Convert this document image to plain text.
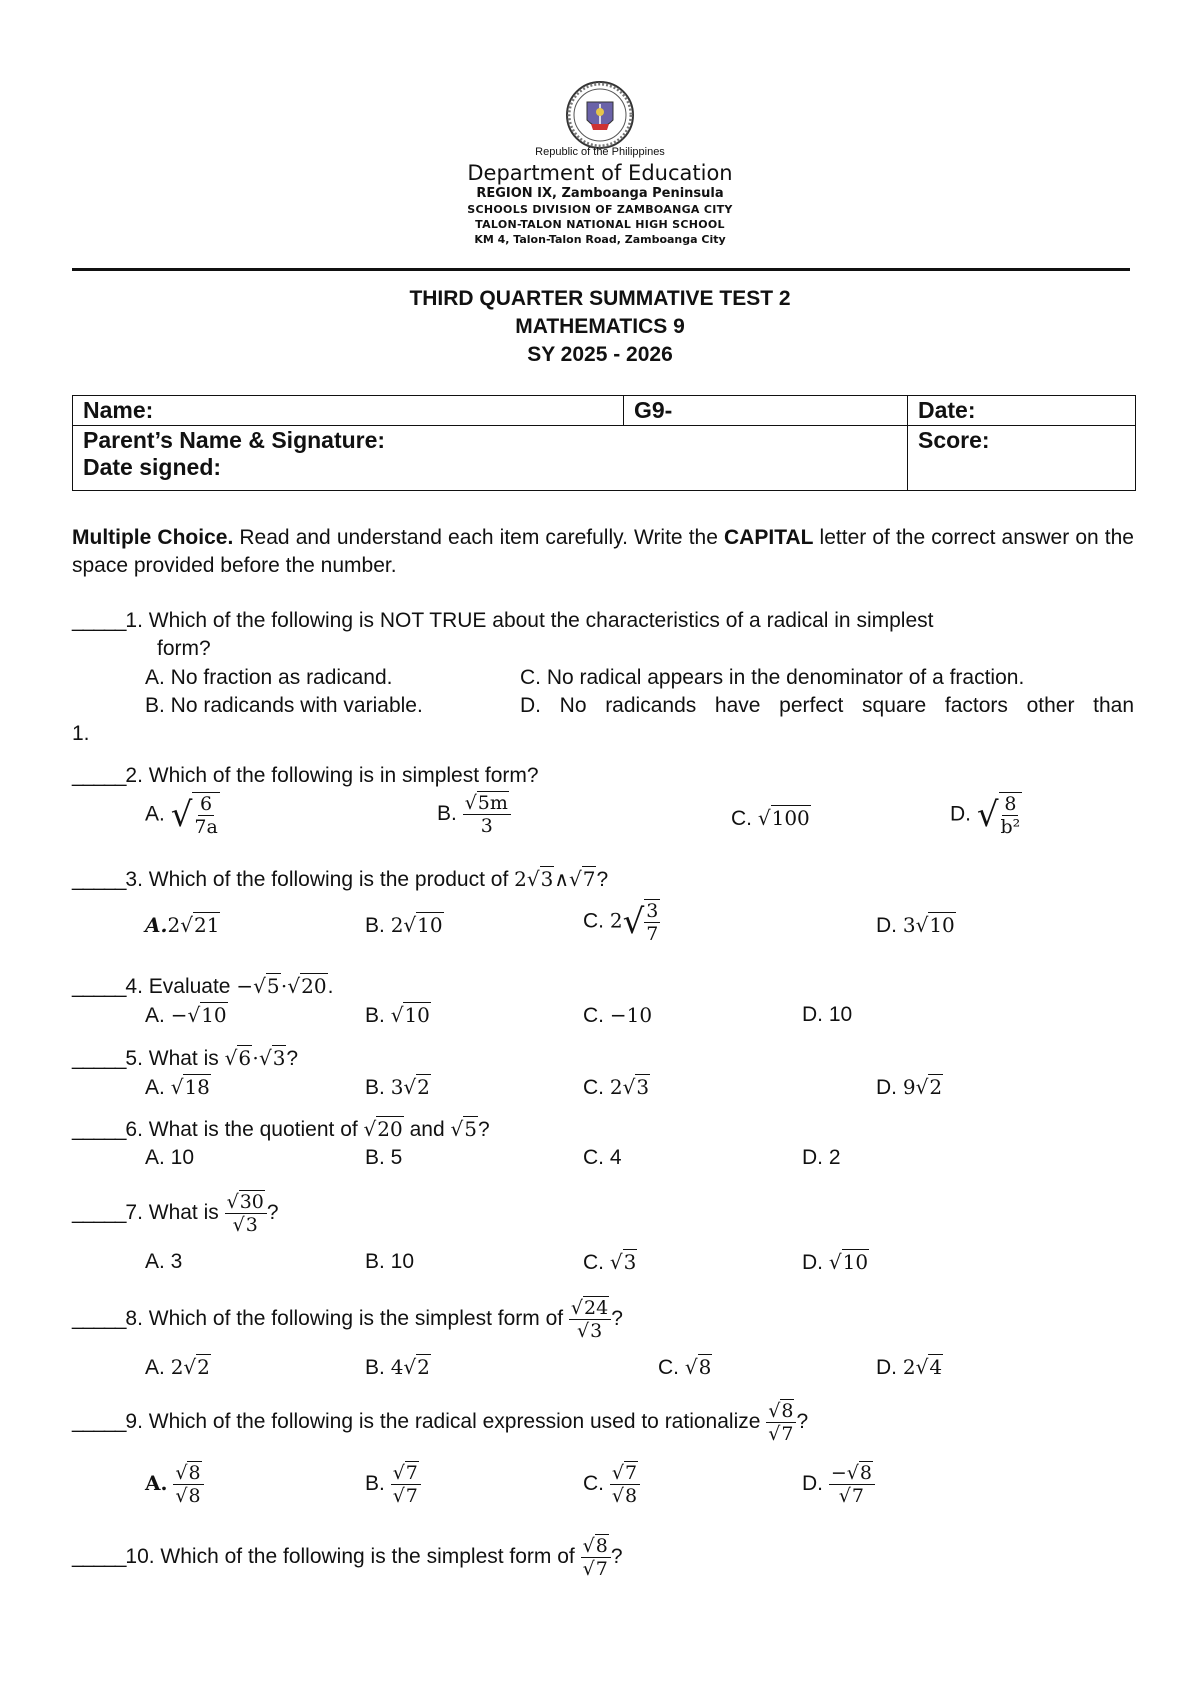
Republic of the Philippines
Department of Education
REGION IX, Zamboanga Peninsula
SCHOOLS DIVISION OF ZAMBOANGA CITY
TALON-TALON NATIONAL HIGH SCHOOL
KM 4, Talon-Talon Road, Zamboanga City
THIRD QUARTER SUMMATIVE TEST 2
MATHEMATICS 9
SY 2025 - 2026
Name:	G9-	Date:

Parent’s Name & Signature:
Date signed:		Score:
Multiple Choice. Read and understand each item carefully. Write the CAPITAL letter of the correct answer on the space provided before the number.
_____1. Which of the following is NOT TRUE about the characteristics of a radical in simplest
form?
A. No fraction as radicand.	C. No radical appears in the denominator of a fraction.
B. No radicands with variable.	D. No radicands have perfect square factors other than
1.
_____2. Which of the following is in simplest form?
A. √ $\frac{6}{7a}$	B. $\frac{√5m}{3}$	C. √100	D. √ $\frac{8}{\text{b²}}$
_____3. Which of the following is the product of 2√3∧√7?
A.2√21	B. 2√10	C. $2√ \frac{3}{7}$	D. 3√10
_____4. Evaluate −√5⋅√20.
A. −√10	B. √10	C. −10	D. 10
_____5. What is √6⋅√3?
A. √18	B. 3√2	C. 2√3	D. 9√2
_____6. What is the quotient of √20 and √5?
A. 10	B. 5	C. 4	D. 2
_____7. What is $\frac{√30}{√3}$ ?
A. 3	B. 10	C. √3	D. √10
_____8. Which of the following is the simplest form of $\frac{√24}{√3}$ ?
A. 2√2	B. 4√2	C. √8	D. 2√4
_____9. Which of the following is the radical expression used to rationalize $\frac{√8}{√7}$ ?
A. $\frac{√8}{√8}$	B. $\frac{√7}{√7}$	C. $\frac{√7}{√8}$	D. $\frac{-√8}{√7}$
_____10. Which of the following is the simplest form of $\frac{√8}{√7}$ ?
